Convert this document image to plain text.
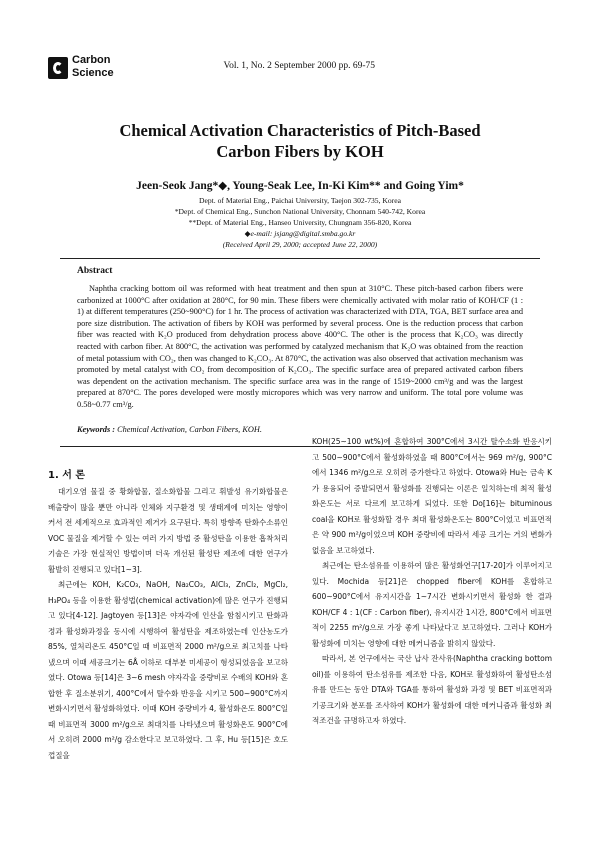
Carbon
Science
Vol. 1, No. 2 September 2000 pp. 69-75
Chemical Activation Characteristics of Pitch-Based
Carbon Fibers by KOH
Jeen-Seok Jang*◆, Young-Seak Lee, In-Ki Kim** and Going Yim*
Dept. of Material Eng., Paichai University, Taejon 302-735, Korea
*Dept. of Chemical Eng., Sunchon National University, Chonnam 540-742, Korea
**Dept. of Material Eng., Hanseo University, Chungnam 356-820, Korea
◆e-mail: jsjang@digital.smba.go.kr
(Received April 29, 2000; accepted June 22, 2000)
Abstract
Naphtha cracking bottom oil was reformed with heat treatment and then spun at 310°C. These pitch-based carbon fibers were carbonized at 1000°C after oxidation at 280°C, for 90 min. These fibers were chemically activated with molar ratio of KOH/CF (1 : 1) at different temperatures (250~900°C) for 1 hr. The process of activation was characterized with DTA, TGA, BET surface area and pore size distribution. The activation of fibers by KOH was performed by several process. One is the reduction process that carbon fiber was reacted with K₂O produced from dehydration process above 400°C. The other is the process that K₂CO₃ was directly reacted with carbon fiber. At 800°C, the activation was performed by catalyzed mechanism that K₂O was obtained from the reaction of metal potassium with CO₂, then was changed to K₂CO₃. At 870°C, the activation was also observed that activation mechanism was promoted by metal catalyst with CO₂ from decomposition of K₂CO₃. The specific surface area of prepared activated carbon fibers was dependent on the activation mechanism. The specific surface area was in the range of 1519~2000 cm³/g and was the largest prepared at 870°C. The pores developed were mostly micropores which was very narrow and uniform. The total pore volume was 0.58~0.77 cm³/g.
Keywords : Chemical Activation, Carbon Fibers, KOH.
1. 서 론

대기오염 물질 중 황화합물, 질소화합물 그리고 휘발성 유기화합물은 배출량이 많을 뿐만 아니라 인체와 지구환경 및 생태계에 미치는 영향이 커서 전 세계적으로 효과적인 제거가 요구된다. 특히 방향족 탄화수소류인 VOC 물질을 제거할 수 있는 여러 가지 방법 중 활성탄을 이용한 흡착처리기술은 가장 현실적인 방법이며 더욱 개선된 활성탄 제조에 대한 연구가 활발히 진행되고 있다[1~3].

최근에는 KOH, K₂CO₃, NaOH, Na₂CO₃, AlCl₃, ZnCl₂, MgCl₂, H₃PO₄ 등을 이용한 활성법(chemical activation)에 많은 연구가 진행되고 있다[4-12]. Jagtoyen 등[13]은 야자각에 인산을 함침시키고 탄화과정과 활성화과정을 동시에 시행하여 활성탄을 제조하였는데 인산농도가 85%, 열처리온도 450°C일 때 비표면적 2000 m²/g으로 최고치를 나타냈으며 이때 세공크기는 6Å 이하로 대부분 미세공이 형성되었음을 보고하였다. Otowa 등[14]은 3~6 mesh 야자각을 중량비로 수배의 KOH와 혼합한 후 질소분위기, 400°C에서 탈수화 반응을 시키고 500~900°C까지 변화시키면서 활성화하였다. 이때 KOH 중량비가 4, 활성화온도 800°C일 때 비표면적 3000 m²/g으로 최대치를 나타냈으며 활성화온도 900°C에서 오히려 2000 m²/g 감소한다고 보고하였다. 그 후, Hu 등[15]은 호도껍질을

KOH(25~100 wt%)에 혼합하여 300°C에서 3시간 탈수소화 반응시키고 500~900°C에서 활성화하였을 때 800°C에서는 969 m²/g, 900°C에서 1346 m²/g으로 오히려 증가한다고 하였다. Otowa와 Hu는 금속 K가 용융되어 증발되면서 활성화를 진행되는 이론은 일치하는데 최적 활성화온도는 서로 다르게 보고하게 되었다. 또한 Do[16]는 bituminous coal을 KOH로 활성화할 경우 최대 활성화온도는 800°C이었고 비표면적은 약 900 m²/g이었으며 KOH 중량비에 따라서 세공 크기는 거의 변화가 없음을 보고하였다.

최근에는 탄소섬유를 이용하여 많은 활성화연구[17-20]가 이루어지고 있다. Mochida 등[21]은 chopped fiber에 KOH를 혼합하고 600~900°C에서 유지시간을 1~7시간 변화시키면서 활성화 한 결과 KOH/CF 4 : 1(CF : Carbon fiber), 유지시간 1시간, 800°C에서 비표면적이 2255 m²/g으로 가장 좋게 나타났다고 보고하였다. 그러나 KOH가 활성화에 미치는 영향에 대한 메커니즘을 밝히지 않았다.

따라서, 본 연구에서는 국산 납사 잔사유(Naphtha cracking bottom oil)를 이용하여 탄소섬유를 제조한 다음, KOH로 활성화하여 활성탄소섬유를 만드는 동안 DTA와 TGA를 통하여 활성화 과정 및 BET 비표면적과 기공크기와 분포를 조사하여 KOH가 활성화에 대한 메커니즘과 활성화 최적조건을 규명하고자 하였다.
